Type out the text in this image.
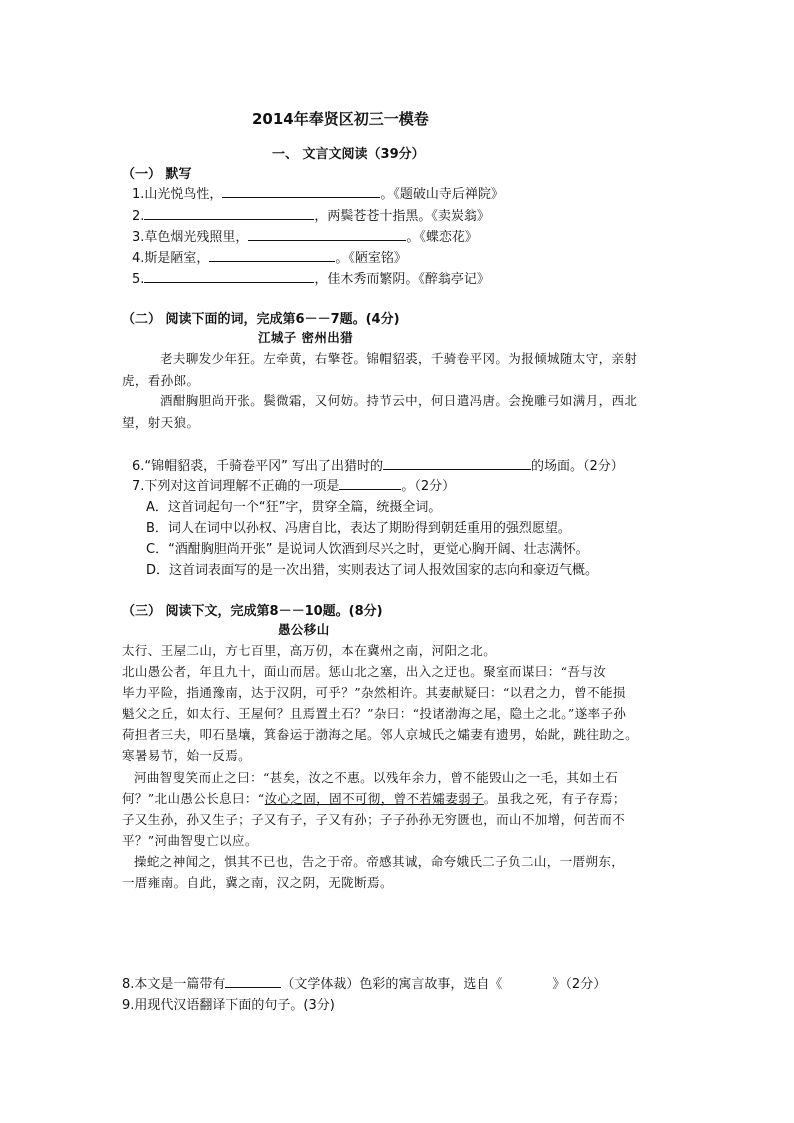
2014年奉贤区初三一模卷
一、 文言文阅读（39分）
（一） 默写
1.山光悦鸟性，	。《题破山寺后禅院》
2.	，两鬓苍苍十指黑。《卖炭翁》
3.草色烟光残照里，	。《蝶恋花》
4.斯是陋室，	。《陋室铭》
5.	，佳木秀而繁阴。《醉翁亭记》
（二） 阅读下面的词，完成第6－－7题。(4分)
江城子 密州出猎
老夫聊发少年狂。左牵黄，右擎苍。锦帽貂裘，千骑卷平冈。为报倾城随太守，亲射
虎，看孙郎。
酒酣胸胆尚开张。鬓微霜，又何妨。持节云中，何日遣冯唐。会挽雕弓如满月，西北
望，射天狼。
6.“锦帽貂裘，千骑卷平冈” 写出了出猎时的	的场面。（2分）
7.下列对这首词理解不正确的一项是	。（2分）
A．这首词起句一个“狂”字，贯穿全篇，统摄全词。
B．词人在词中以孙权、冯唐自比，表达了期盼得到朝廷重用的强烈愿望。
C．“酒酣胸胆尚开张” 是说词人饮酒到尽兴之时，更觉心胸开阔、壮志满怀。
D．这首词表面写的是一次出猎，实则表达了词人报效国家的志向和豪迈气概。
（三） 阅读下文，完成第8－－10题。(8分)
愚公移山
太行、王屋二山，方七百里，高万仞，本在冀州之南，河阳之北。
北山愚公者，年且九十，面山而居。惩山北之塞，出入之迂也。聚室而谋曰：“吾与汝
毕力平险，指通豫南，达于汉阴，可乎？”杂然相许。其妻献疑曰：“以君之力，曾不能损
魁父之丘，如太行、王屋何？且焉置土石？”杂曰：“投诸渤海之尾，隐土之北。”遂率子孙
荷担者三夫，叩石垦壤，箕畚运于渤海之尾。邻人京城氏之孀妻有遗男，始龀，跳往助之。
寒暑易节，始一反焉。
河曲智叟笑而止之曰：“甚矣，汝之不惠。以残年余力，曾不能毁山之一毛，其如土石
何？”北山愚公长息曰：“汝心之固，固不可彻，曾不若孀妻弱子。虽我之死，有子存焉；
子又生孙，孙又生子；子又有子，子又有孙；子子孙孙无穷匮也，而山不加增，何苦而不
平？”河曲智叟亡以应。
操蛇之神闻之，惧其不已也，告之于帝。帝感其诚，命夸娥氏二子负二山，一厝朔东，
一厝雍南。自此，冀之南，汉之阴，无陇断焉。
8.本文是一篇带有	（文学体裁）色彩的寓言故事，选自《	》（2分）
9.用现代汉语翻译下面的句子。(3分)
